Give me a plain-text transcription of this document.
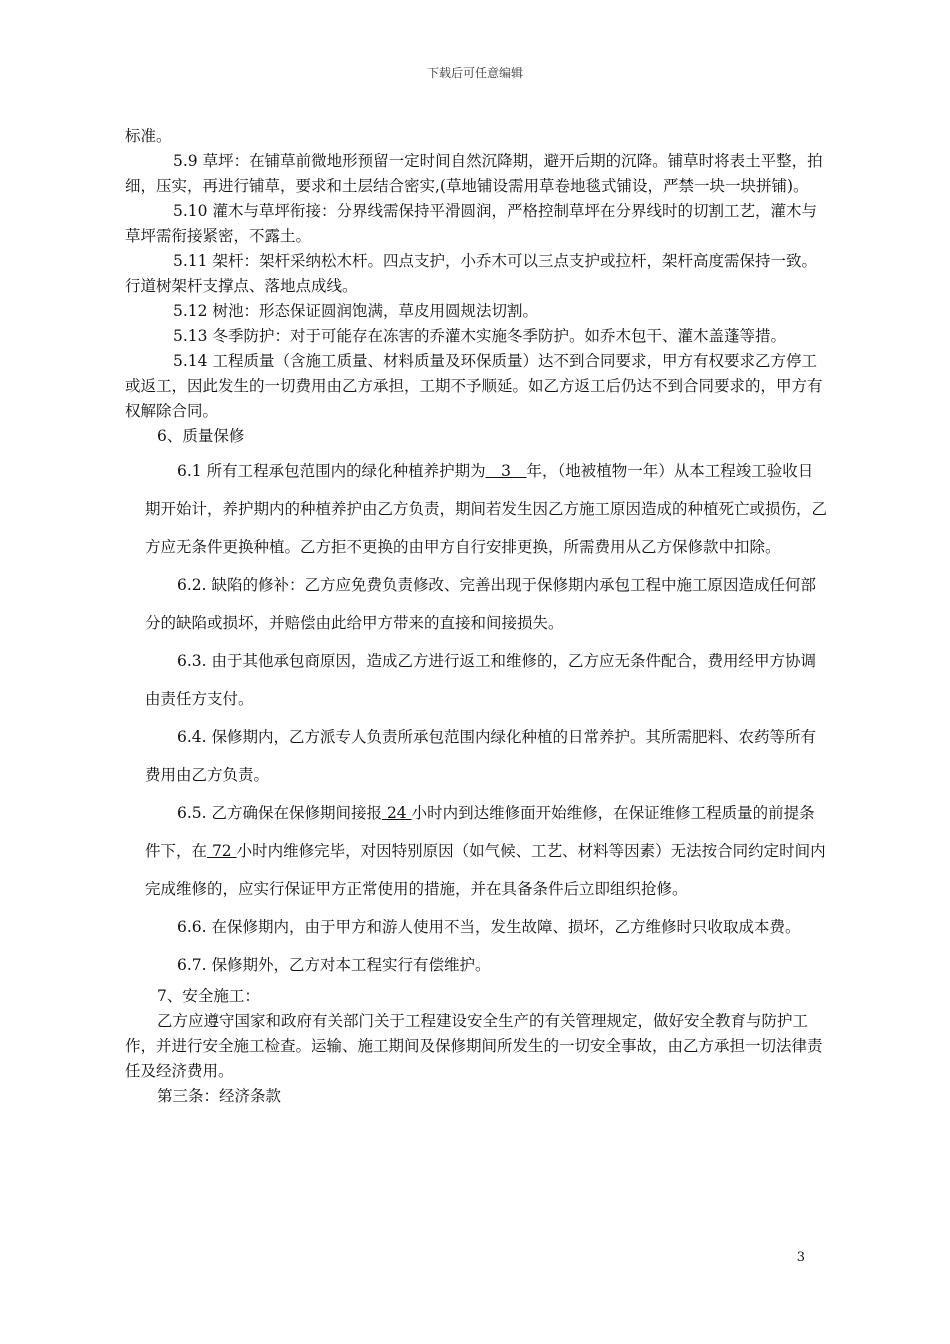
下载后可任意编辑

标准。

5.9 草坪：在铺草前微地形预留一定时间自然沉降期，避开后期的沉降。铺草时将表土平整，拍细，压实，再进行铺草，要求和土层结合密实,(草地铺设需用草卷地毯式铺设，严禁一块一块拼铺)。

5.10 灌木与草坪衔接：分界线需保持平滑圆润，严格控制草坪在分界线时的切割工艺，灌木与草坪需衔接紧密，不露土。

5.11 架杆：架杆采纳松木杆。四点支护，小乔木可以三点支护或拉杆，架杆高度需保持一致。行道树架杆支撑点、落地点成线。

5.12 树池：形态保证圆润饱满，草皮用圆规法切割。

5.13 冬季防护：对于可能存在冻害的乔灌木实施冬季防护。如乔木包干、灌木盖蓬等措。

5.14 工程质量（含施工质量、材料质量及环保质量）达不到合同要求，甲方有权要求乙方停工或返工，因此发生的一切费用由乙方承担，工期不予顺延。如乙方返工后仍达不到合同要求的，甲方有权解除合同。

6、质量保修

6.1 所有工程承包范围内的绿化种植养护期为　3　年，（地被植物一年）从本工程竣工验收日期开始计，养护期内的种植养护由乙方负责，期间若发生因乙方施工原因造成的种植死亡或损伤，乙方应无条件更换种植。乙方拒不更换的由甲方自行安排更换，所需费用从乙方保修款中扣除。

6.2. 缺陷的修补：乙方应免费负责修改、完善出现于保修期内承包工程中施工原因造成任何部分的缺陷或损坏，并赔偿由此给甲方带来的直接和间接损失。

6.3. 由于其他承包商原因，造成乙方进行返工和维修的，乙方应无条件配合，费用经甲方协调由责任方支付。

6.4. 保修期内，乙方派专人负责所承包范围内绿化种植的日常养护。其所需肥料、农药等所有费用由乙方负责。

6.5. 乙方确保在保修期间接报 24 小时内到达维修面开始维修，在保证维修工程质量的前提条件下，在 72 小时内维修完毕，对因特别原因（如气候、工艺、材料等因素）无法按合同约定时间内完成维修的，应实行保证甲方正常使用的措施，并在具备条件后立即组织抢修。

6.6. 在保修期内，由于甲方和游人使用不当，发生故障、损坏，乙方维修时只收取成本费。

6.7. 保修期外，乙方对本工程实行有偿维护。

7、安全施工：

乙方应遵守国家和政府有关部门关于工程建设安全生产的有关管理规定，做好安全教育与防护工作，并进行安全施工检查。运输、施工期间及保修期间所发生的一切安全事故，由乙方承担一切法律责任及经济费用。

第三条：经济条款

3
